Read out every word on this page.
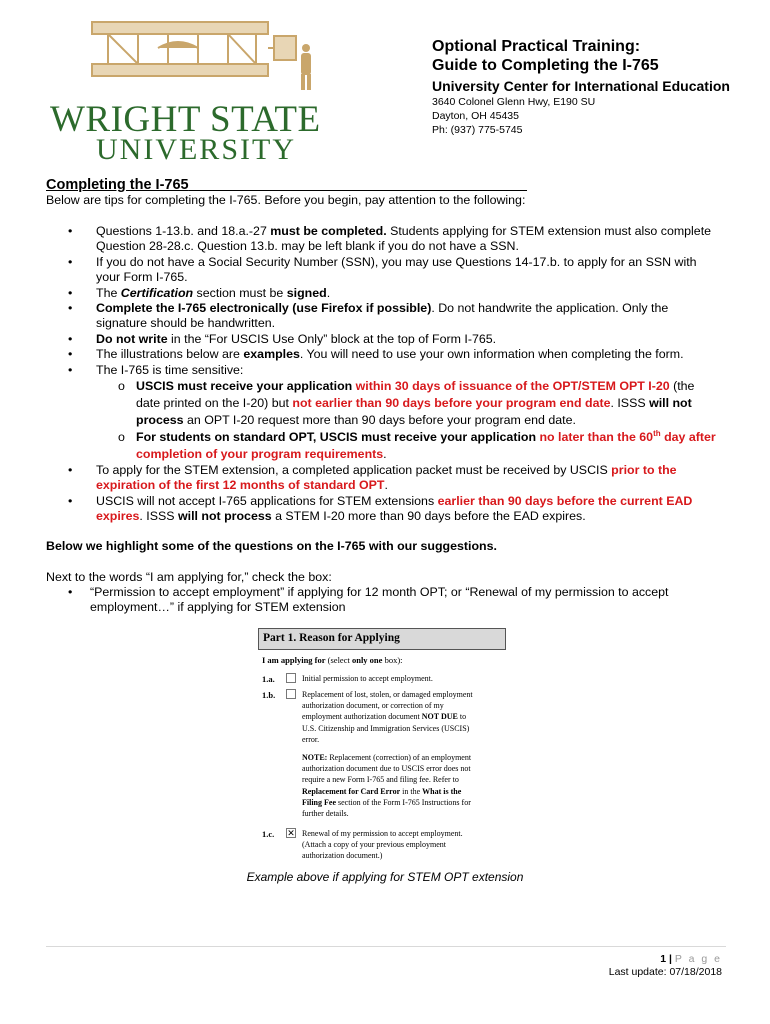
WRIGHT STATE
UNIVERSITY
Optional Practical Training:
Guide to Completing the I-765
University Center for International Education
3640 Colonel Glenn Hwy, E190 SU
Dayton, OH 45435
Ph: (937) 775-5745
Completing the I-765
Below are tips for completing the I-765. Before you begin, pay attention to the following:
• Questions 1-13.b. and 18.a.-27 must be completed. Students applying for STEM extension must also complete Question 28-28.c. Question 13.b. may be left blank if you do not have a SSN.
• If you do not have a Social Security Number (SSN), you may use Questions 14-17.b. to apply for an SSN with your Form I-765.
• The Certification section must be signed.
• Complete the I-765 electronically (use Firefox if possible). Do not handwrite the application. Only the signature should be handwritten.
• Do not write in the “For USCIS Use Only” block at the top of Form I-765.
• The illustrations below are examples. You will need to use your own information when completing the form.
• The I-765 is time sensitive:
o USCIS must receive your application within 30 days of issuance of the OPT/STEM OPT I-20 (the date printed on the I-20) but not earlier than 90 days before your program end date. ISSS will not process an OPT I-20 request more than 90 days before your program end date.
o For students on standard OPT, USCIS must receive your application no later than the 60th day after completion of your program requirements.
• To apply for the STEM extension, a completed application packet must be received by USCIS prior to the expiration of the first 12 months of standard OPT.
• USCIS will not accept I-765 applications for STEM extensions earlier than 90 days before the current EAD expires. ISSS will not process a STEM I-20 more than 90 days before the EAD expires.
Below we highlight some of the questions on the I-765 with our suggestions.
Next to the words “I am applying for,” check the box:
• “Permission to accept employment” if applying for 12 month OPT; or “Renewal of my permission to accept employment…” if applying for STEM extension
Part 1. Reason for Applying
I am applying for (select only one box):
1.a.	Initial permission to accept employment.
1.b.	Replacement of lost, stolen, or damaged employment
authorization document, or correction of my
employment authorization document NOT DUE to
U.S. Citizenship and Immigration Services (USCIS)
error.
NOTE: Replacement (correction) of an employment
authorization document due to USCIS error does not
require a new Form I-765 and filing fee. Refer to
Replacement for Card Error in the What is the
Filing Fee section of the Form I-765 Instructions for
further details.
1.c. ✕ Renewal of my permission to accept employment.
(Attach a copy of your previous employment
authorization document.)
Example above if applying for STEM OPT extension
1 | P a g e
Last update: 07/18/2018
